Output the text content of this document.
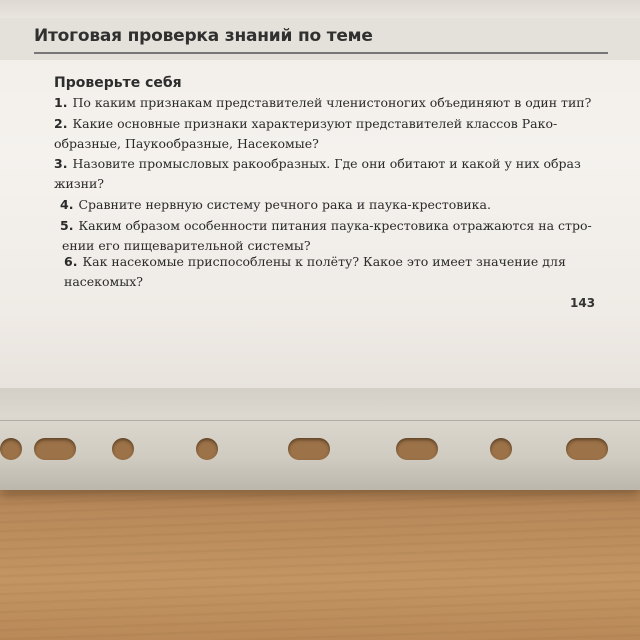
Итоговая проверка знаний по теме
Проверьте себя
1. По каким признакам представителей членистоногих объединяют в один тип?
2. Какие основные признаки характеризуют представителей классов Рако-
образные, Паукообразные, Насекомые?
3. Назовите промысловых ракообразных. Где они обитают и какой у них образ
жизни?
4. Сравните нервную систему речного рака и паука-крестовика.
5. Каким образом особенности питания паука-крестовика отражаются на стро-
ении его пищеварительной системы?
6. Как насекомые приспособлены к полёту? Какое это имеет значение для
насекомых?
143
